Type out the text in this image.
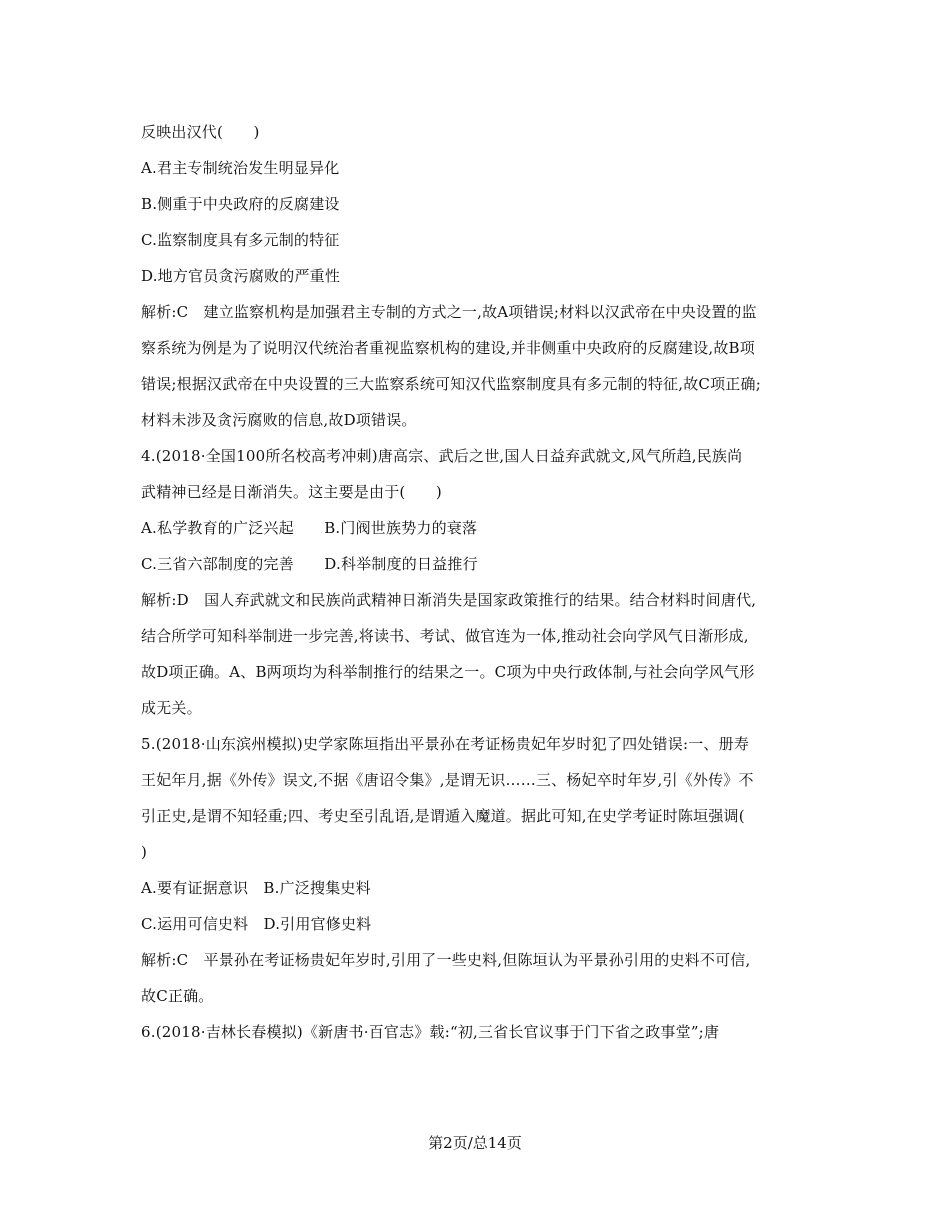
反映出汉代(　　)
A.君主专制统治发生明显异化
B.侧重于中央政府的反腐建设
C.监察制度具有多元制的特征
D.地方官员贪污腐败的严重性
解析:C　建立监察机构是加强君主专制的方式之一,故A项错误;材料以汉武帝在中央设置的监
察系统为例是为了说明汉代统治者重视监察机构的建设,并非侧重中央政府的反腐建设,故B项
错误;根据汉武帝在中央设置的三大监察系统可知汉代监察制度具有多元制的特征,故C项正确;
材料未涉及贪污腐败的信息,故D项错误。
4.(2018·全国100所名校高考冲刺)唐高宗、武后之世,国人日益弃武就文,风气所趋,民族尚
武精神已经是日渐消失。这主要是由于(　　)
A.私学教育的广泛兴起　　B.门阀世族势力的衰落
C.三省六部制度的完善　　D.科举制度的日益推行
解析:D　国人弃武就文和民族尚武精神日渐消失是国家政策推行的结果。结合材料时间唐代,
结合所学可知科举制进一步完善,将读书、考试、做官连为一体,推动社会向学风气日渐形成,
故D项正确。A、B两项均为科举制推行的结果之一。C项为中央行政体制,与社会向学风气形
成无关。
5.(2018·山东滨州模拟)史学家陈垣指出平景孙在考证杨贵妃年岁时犯了四处错误:一、册寿
王妃年月,据《外传》误文,不据《唐诏令集》,是谓无识……三、杨妃卒时年岁,引《外传》不
引正史,是谓不知轻重;四、考史至引乱语,是谓遁入魔道。据此可知,在史学考证时陈垣强调(
)
A.要有证据意识　B.广泛搜集史料
C.运用可信史料　D.引用官修史料
解析:C　平景孙在考证杨贵妃年岁时,引用了一些史料,但陈垣认为平景孙引用的史料不可信,
故C正确。
6.(2018·吉林长春模拟)《新唐书·百官志》载:“初,三省长官议事于门下省之政事堂”;唐
第2页/总14页
